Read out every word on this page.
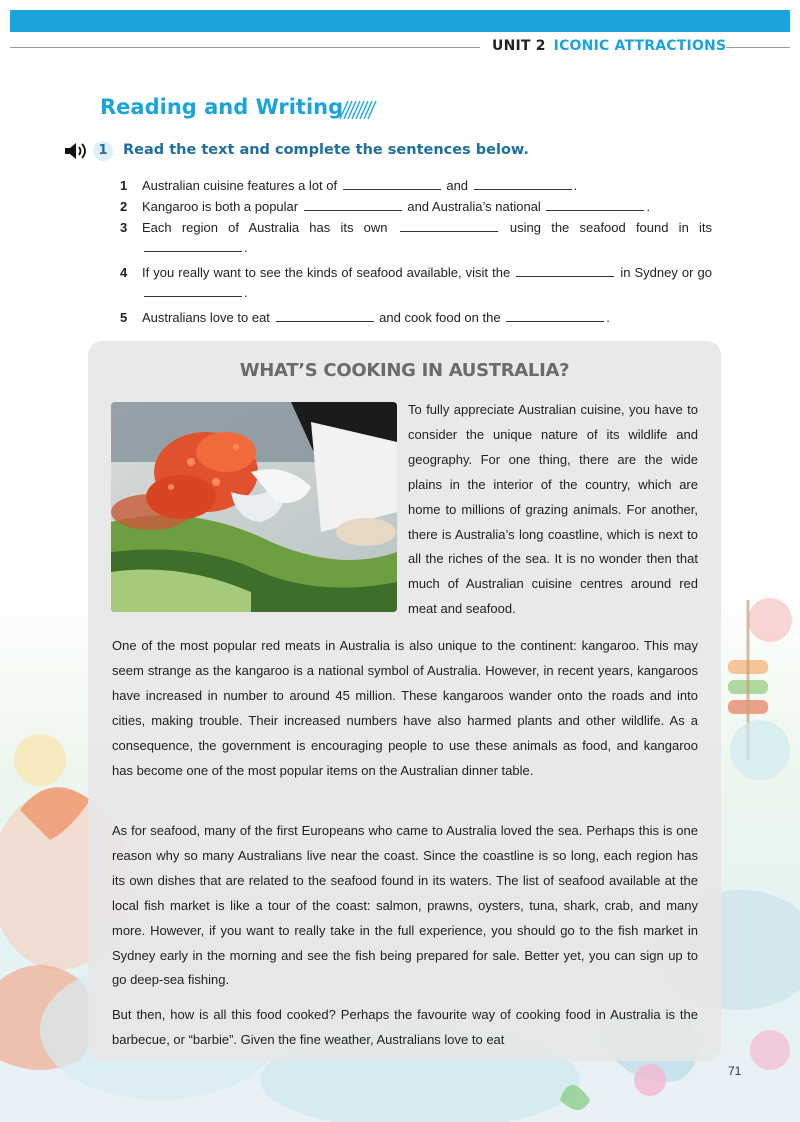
UNIT 2 ICONIC ATTRACTIONS
Reading and Writing
1	Read the text and complete the sentences below.
1	Australian cuisine features a lot of	and	.
2	Kangaroo is both a popular	and Australia’s national	.
3	Each region of Australia has its own	using the seafood found in its .
4	If you really want to see the kinds of seafood available, visit the	in Sydney or go .
5	Australians love to eat	and cook food on the	.
WHAT’S COOKING IN AUSTRALIA?
To fully appreciate Australian cuisine, you have to consider the unique nature of its wildlife and geography. For one thing, there are the wide plains in the interior of the country, which are home to millions of grazing animals. For another, there is Australia’s long coastline, which is next to all the riches of the sea. It is no wonder then that much of Australian cuisine centres around red meat and seafood.
One of the most popular red meats in Australia is also unique to the continent: kangaroo. This may seem strange as the kangaroo is a national symbol of Australia. However, in recent years, kangaroos have increased in number to around 45 million. These kangaroos wander onto the roads and into cities, making trouble. Their increased numbers have also harmed plants and other wildlife. As a consequence, the government is encouraging people to use these animals as food, and kangaroo has become one of the most popular items on the Australian dinner table.
As for seafood, many of the first Europeans who came to Australia loved the sea. Perhaps this is one reason why so many Australians live near the coast. Since the coastline is so long, each region has its own dishes that are related to the seafood found in its waters. The list of seafood available at the local fish market is like a tour of the coast: salmon, prawns, oysters, tuna, shark, crab, and many more. However, if you want to really take in the full experience, you should go to the fish market in Sydney early in the morning and see the fish being prepared for sale. Better yet, you can sign up to go deep-sea fishing.
But then, how is all this food cooked? Perhaps the favourite way of cooking food in Australia is the barbecue, or “barbie”. Given the fine weather, Australians love to eat
71
